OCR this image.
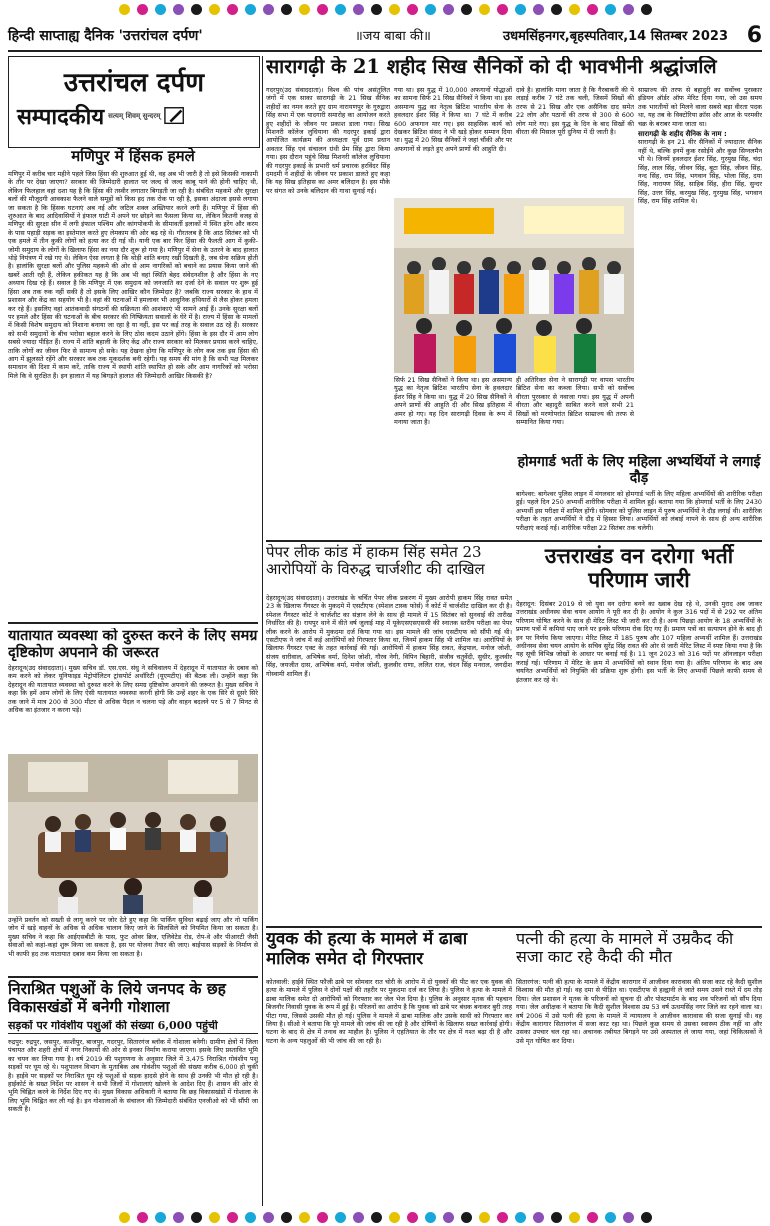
हिन्दी साप्ताह्य दैनिक 'उत्तरांचल दर्पण'	॥जय बाबा की॥	उधमसिंहनगर,बृहस्पतिवार,14 सितम्बर 2023 6
उत्तरांचल दर्पण
सम्पादकीय सत्यम् शिवम् सुन्दरम्
मणिपुर में हिंसक हमले
मणिपुर में करीब चार महीने पहले जिस हिंसा की शुरुआत हुई थी, वह अब भी जारी है तो इसे किसकी नाकामी के तौर पर देखा जाएगा? सरकार की जिम्मेदारी हालात पर जल्द से जल्द काबू पाने की होनी चाहिए थी, लेकिन फिलहाल वहां दशा यह है कि हिंसा की तस्वीर लगातार बिगड़ती जा रही है। संबंधित महकमे और सुरक्षा बलों की मौजूदगी आवकाश फैलने वाले समूहों को किस हद तक रोक पा रही है, इसका अंदाजा इससे लगाया जा सकता है कि हिंसक घटनाएं अब नई और जटिल शक्ल अख्तियार करने लगी हैं। मणिपुर में हिंसा की शुरुआत के बाद आदिवासियों ने इंफाल घाटी में अपने घर छोड़ने का फैसला किया था, लेकिन कितनी वजह से मणिपुर की सुरक्षा सीन में लगी इंफाल पश्चिम और कांगपोकपी के सीमावर्ती इलाकों में स्थित इरेंग और करम के पास पहाड़ी सड़क का इस्तेमाल करते हुए लेमकाम की ओर बढ़ रहे थे। गौरतलब है कि आठ सितंबर को भी एक हमले में तीन कुकी लोगों को हत्या कर दी गई थी। यानी एक बार फिर हिंसा की फैलती आग में कुकी-जोमी समुदाय के लोगों के खिलाफ हिंसा का नया दौर शुरू हो गया है। मणिपुर में सेना के उतरने के बाद हालात थोड़े नियंत्रण में रखे गए थे। लेकिन ऐसा लगता है कि थोड़ी शांति बनाए रखी दिखती है, जब सेना सक्रिय होती है। हालांकि सुरक्षा बलों और पुलिस महकमे की ओर से आम नागरिकों को बचाने का प्रयास किया जाने की खबरें आती रही हैं, लेकिन हकीकत यह है कि अब भी वहां स्थिति बेहद संवेदनशील है और हिंसा के नए अध्याय दिख रहे हैं। सवाल है कि मणिपुर में एक समुदाय को जनजाति का दर्जा देने के सवाल पर शुरू हुई हिंसा अब तक रुक नहीं सकी है तो इसके लिए आखिर कौन जिम्मेदार है? जबकि राज्य सरकार के हाथ में प्रशासन और केंद्र का सहयोग भी है। वहां की घटनाओं में हमलावर भी आधुनिक हथियारों से लैस होकर हमला कर रहे हैं। इसलिए वहां आतंकवादी संगठनों की सक्रियता की आशंकाएं भी सामने आई हैं। उनके सुरक्षा बलों पर हमले और हिंसा की घटनाओं के बीच सरकार की निष्क्रियता सवालों के घेरे में है। राज्य में हिंसा के मामलों में किसी विशेष समुदाय को निशाना बनाया जा रहा है या नहीं, इस पर कई तरह के सवाल उठ रहे हैं। सरकार को सभी समुदायों के बीच भरोसा बहाल करने के लिए ठोस कदम उठाने होंगे। हिंसा के इस दौर में आम लोग सबसे ज्यादा पीड़ित हैं। राज्य में शांति बहाली के लिए केंद्र और राज्य सरकार को मिलकर प्रयास करने चाहिए, ताकि लोगों का जीवन फिर से सामान्य हो सके। यह देखना होगा कि मणिपुर के लोग कब तक इस हिंसा की आग में झुलसते रहेंगे और सरकार कब तक मूकदर्शक बनी रहेगी। यह समय की मांग है कि सभी पक्ष मिलकर समाधान की दिशा में काम करें, ताकि राज्य में स्थायी शांति स्थापित हो सके और आम नागरिकों को भरोसा मिले कि वे सुरक्षित हैं। इन हालात में यह बिगड़ते हालात की जिम्मेदारी आखिर किसकी है?
यातायात व्यवस्था को दुरुस्त करने के लिए समग्र दृष्टिकोण अपनाने की जरूरत
देहरादून(उद संवाददाता)। मुख्य सचिव डॉ. एस.एस. संधु ने सचिवालय में देहरादून में यातायात के दबाव को कम करने को लेकर यूनिफाइड मेट्रोपॉलिटन ट्रांसपोर्ट अथॉरिटी (यूएमटीए) की बैठक ली। उन्होंने कहा कि देहरादून की यातायात व्यवस्था को दुरुस्त करने के लिए समग्र दृष्टिकोण अपनाने की जरूरत है। मुख्य सचिव ने कहा कि हमें आम लोगों के लिए ऐसी यातायात व्यवस्था करनी होगी कि उन्हें शहर के एक सिरे से दूसरे सिरे तक जाने में मात्र 200 से 300 मीटर से अधिक पैदल न चलना पड़े और वाहन बदलने पर 5 से 7 मिनट से अधिक का इंतजार न करना पड़े।
उन्होंने प्रवर्तन को सख्ती से लागू करने पर जोर देते हुए कहा कि पार्किंग सुविधा बढ़ाई जाए और नो पार्किंग जोन में खड़े वाहनों के अधिक से अधिक चालान किए जाने के सिलसिले को नियमित किया जा सकता है। मुख्य सचिव ने कहा कि आईएसबीटी के पास, फुट ओवर ब्रिज, एलिवेटेड रोड, रोप-वे और पीआरटी जैसी सेवाओं को कहां-कहां शुरू किया जा सकता है, इस पर योजना तैयार की जाए। बाईपास सड़कों के निर्माण से भी काफी हद तक यातायात दबाव कम किया जा सकता है।
निराश्रित पशुओं के लिये जनपद के छह विकासखंडों में बनेगी गोशाला
सड़कों पर गोवंशीय पशुओं की संख्या 6,000 पहुंची
रुद्रपुर: रुद्रपुर, जसपुर, काशीपुर, बाजपुर, गदरपुर, सितारगंज ब्लॉक में गोशाला बनेगी। ग्रामीण क्षेत्रों में जिला पंचायत और शहरी क्षेत्रों में नगर निकायों की ओर से इनका निर्माण कराया जाएगा। इसके लिए प्रस्तावित भूमि का चयन कर लिया गया है। वर्ष 2019 की पशुगणना के अनुसार जिले में 3,475 निराश्रित गोवंशीय पशु सड़कों पर घूम रहे थे। पशुपालन विभाग के मुताबिक अब गोवंशीय पशुओं की संख्या करीब 6,000 हो चुकी है। हाईवे पर सड़कों पर निराश्रित घूम रहे पशुओं से सड़क हादसे होने के साथ ही उनकी भी मौत हो रही है। हाईकोर्ट के सख्त निर्देश पर शासन ने सभी जिलों में गोशालाएं खोलने के आदेश दिए हैं। शासन की ओर से भूमि चिह्नित करने के निर्देश दिए गए थे। मुख्य विकास अधिकारी ने बताया कि छह विकासखंडों में गोशाला के लिए भूमि चिह्नित कर ली गई है। इन गोशालाओं के संचालन की जिम्मेदारी संबंधित एनजीओ को भी सौंपी जा सकती है।
सारागढ़ी के 21 शहीद सिख सैनिकों को दी भावभीनी श्रद्धांजलि
गदरपुर(उद संवाददाता)। विश्व की पांच असंतुलित जंगों में एक साका सारागढ़ी के 21 सिख सैनिक शहीदों का नमन करते हुए ग्राम नारायणपुर के गुरुद्वारा सिंह सभा में एक यादगारी समारोह का आयोजन करते हुए शहीदों के जीवन पर प्रकाश डाला गया। सिख मिशनरी कॉलेज लुधियाना की गदरपुर इकाई द्वारा आयोजित कार्यक्रम की अध्यक्षता पूर्व ग्राम प्रधान अवतार सिंह एवं संचालन ग्रंथी प्रेम सिंह द्वारा किया गया। इस दौरान पहुंचे सिख मिशनरी कॉलेज लुधियाना की गदरपुर इकाई के प्रभारी धर्म प्रचारक हरविंदर सिंह दमदमी ने शहीदों के जीवन पर प्रकाश डालते हुए कहा कि यह सिख इतिहास का अमर बलिदान है। इस मौके पर संगत को उनके बलिदान की गाथा सुनाई गई।
गया था। इस युद्ध में 10,000 अफगानों योद्धाओं का सामना सिर्फ 21 सिख सैनिकों ने किया था। इस असमान्य युद्ध का नेतृत्व ब्रिटिश भारतीय सेना के हवलदार ईशर सिंह ने किया था। 7 घंटे में करीब 600 अफगान मार गए। इस साहसिक कार्य को देखकर ब्रिटिश संसद ने भी खड़े होकर सम्मान दिया था। युद्ध में 20 सिख सैनिकों ने जहां चौंकी और पर अफगानों से लड़ते हुए अपने प्राणों की आहुति दी।
दावे है। हालांकि माना जाता है कि गैरबाकरी की ये लड़ाई करीब 7 घंटे तक चली, जिसमें सिखों की तरफ से 21 सिख और एक असैनिक दाद समेत 22 लोग और पठानों की तरफ से 300 से 600 लोग मारे गए। इस युद्ध के दिन के बाद सिखों की वीरता की मिसाल पूरी दुनिया में दी जाती है।

साम्राज्य की तरफ से बहादुरी का सर्वोच्च पुरस्कार इंडियन ऑर्डर ऑफ मेरिट दिया गया, जो उस समय तक भारतीयों को मिलने वाला सबसे बड़ा वीरता पदक था, यह तब के विक्टोरिया क्रॉस और आज के परमवीर चक्र के बराबर माना जाता था।

सारागढ़ी के शहीद सैनिक के नाम :

सारागढ़ी के इन 21 वीर सैनिकों में ज्यादातर सैनिक नहीं थे, बल्कि इनमें कुक रसोईये और कुछ सिग्नलमैन भी थे। जिनमें हवलदार ईशर सिंह, गुरमुख सिंह, चंदा सिंह, लाल सिंह, जीवन सिंह, बूटा सिंह, जीवन सिंह, नन्द सिंह, राम सिंह, भगवान सिंह, भोला सिंह, दया सिंह, नारायण सिंह, साहिब सिंह, हीरा सिंह, सुन्दर सिंह, उत्तर सिंह, करमुख सिंह, गुरमुख सिंह, भगवान सिंह, राम सिंह शामिल थे।

सिर्फ 21 सिख सैनिकों ने किया था। इस असमान्य युद्ध का नेतृत्व ब्रिटिश भारतीय सेना के हवलदार ईशर सिंह ने किया था। युद्ध में 20 सिख सैनिकों ने अपने प्राणों की आहुति दी और सिख इतिहास में अमर हो गए। यह दिन सारागढ़ी दिवस के रूप में मनाया जाता है।
ही अतिरिक्त सेना ने सारागढ़ी पर वापस भारतीय ब्रिटिश सेना का कब्जा लिया। सभी को सर्वोच्च वीरता पुरस्कार से नवाजा गया। इस युद्ध में अपनी वीरता और बहादुरी साबित करने वाले सभी 21 सिखों को मरणोपरांत ब्रिटिश साम्राज्य की तरफ से सम्मानित किया गया।
होमगार्ड भर्ती के लिए महिला अभ्यर्थियों ने लगाई दौड़
बागेश्वर: बागेश्वर पुलिस लाइन में मंगलवार को होमगार्ड भर्ती के लिए महिला अभ्यर्थियों की शारीरिक परीक्षा हुई। पहले दिन 250 अभ्यर्थी शारीरिक परीक्षा में शामिल हुईं। बताया गया कि होमगार्ड भर्ती के लिए 2430 अभ्यर्थी इस परीक्षा में शामिल होंगी। सोमवार को पुलिस लाइन में पुरुष अभ्यर्थियों ने दौड़ लगाई थी। शारीरिक परीक्षा के तहत अभ्यर्थियों ने दौड़ में हिस्सा लिया। अभ्यर्थियों को लंबाई नापने के साथ ही अन्य शारीरिक परीक्षाएं कराई गईं। शारीरिक परीक्षा 22 सितंबर तक चलेगी।
पेपर लीक कांड में हाकम सिंह समेत 23 आरोपियों के विरुद्ध चार्जशीट की दाखिल
देहरादून(उद संवाददाता)। उत्तराखंड के चर्चित पेपर लीक प्रकरण में मुख्य आरोपी हाकम सिंह रावत समेत 23 के खिलाफ गैंगस्टर के मुकदमे में एसटीएफ (स्पेशल टास्क फोर्स) ने कोर्ट में चार्जशीट दाखिल कर दी है। स्पेशल गैंगस्टर कोर्ट ने चार्जशीट का संज्ञान लेने के साथ ही मामले में 15 सितंबर को सुनवाई की तारीख निर्धारित की है। रायपुर थाने में वीते वर्ष जुलाई माह में यूकेएसएसएससी की स्नातक स्तरीय परीक्षा का पेपर लीक करने के आरोप में मुकदमा दर्ज किया गया था। इस मामले की जांच एसटीएफ को सौंपी गई थी। एसटीएफ ने जांच में कई आरोपियों को गिरफ्तार किया था, जिनमें हाकम सिंह भी शामिल था। आरोपियों के खिलाफ गैंगस्टर एक्ट के तहत कार्रवाई की गई। आरोपियों में हाकम सिंह रावत, केंद्रपाल, मनोज जोशी, संजय धारीवाल, अभिषेक वर्मा, दिनेश जोशी, गौरव नेगी, विपिन बिहारी, संजीव चतुर्वेदी, सुधीर, कुलवीर सिंह, जयजीत दास, अभिषेक वर्मा, मनोज जोशी, कुलवीर राणा, ललित राज, चंदन सिंह मनराल, जगदीश गोस्वामी शामिल हैं।
उत्तराखंड वन दरोगा भर्ती परिणाम जारी
देहरादून: दिसंबर 2019 से जो युवा वन दरोगा बनने का ख्वाब देख रहे थे, उनकी मुराद अब जाकर उत्तराखंड अधीनस्थ सेवा चयन आयोग ने पूरी कर दी है। आयोग ने कुल 316 पदों में से 292 पर अंतिम परिणाम घोषित करने के साथ ही मेरिट लिस्ट भी जारी कर दी है। अन्य पिछड़ा आयोग के 18 अभ्यर्थियों के प्रमाण पत्रों में कमियां पाए जाने पर इनके परिणाम रोक दिए गए हैं। प्रमाण पत्रों का सत्यापन होने के बाद ही इन पर निर्णय किया जाएगा। मेरिट लिस्ट में 185 पुरुष और 107 महिला अभ्यर्थी शामिल हैं। उत्तराखंड अधीनस्थ सेवा चयन आयोग के सचिव सुरेंद्र सिंह रावत की ओर से जारी मेरिट लिस्ट में स्पष्ट किया गया है कि यह सूची विभिन्न जोखों के आधार पर बनाई गई है। 11 जून 2023 को 316 पदों पर ऑनलाइन परीक्षा कराई गई। परिणाम में मेरिट के क्रम में अभ्यर्थियों को स्थान दिया गया है। अंतिम परिणाम के बाद अब चयनित अभ्यर्थियों को नियुक्ति की प्रक्रिया शुरू होगी। इस भर्ती के लिए अभ्यर्थी पिछले काफी समय से इंतजार कर रहे थे।
युवक की हत्या के मामले में ढाबा मालिक समेत दो गिरफ्तार
कोतवाली: हाईवे स्थित फौजी ढाबे पर सोमवार रात चोरी के आरोप में दो युवकों की पीट कर एक युवक की हत्या के मामले में पुलिस ने दोनों पक्षों की तहरीर पर मुकदमा दर्ज कर लिया है। पुलिस ने हत्या के मामले में ढाबा मालिक समेत दो आरोपियों को गिरफ्तार कर जेल भेज दिया है। पुलिस के अनुसार मृतक की पहचान बिजनौर निवासी युवक के रूप में हुई है। परिजनों का आरोप है कि युवक को ढाबे पर बंधक बनाकर बुरी तरह पीटा गया, जिससे उसकी मौत हो गई। पुलिस ने मामले में ढाबा मालिक और उसके साथी को गिरफ्तार कर लिया है। सीओ ने बताया कि पूरे मामले की जांच की जा रही है और दोषियों के खिलाफ सख्त कार्रवाई होगी। घटना के बाद से क्षेत्र में तनाव का माहौल है। पुलिस ने एहतियात के तौर पर क्षेत्र में गश्त बढ़ा दी है और घटना के अन्य पहलुओं की भी जांच की जा रही है।
पत्नी की हत्या के मामले में उम्रकैद की सजा काट रहे कैदी की मौत
सितारगंज: पत्नी की हत्या के मामले में केंद्रीय कारागार में आजीवन कारावास की सजा काट रहे कैदी सुशील विश्वास की मौत हो गई। वह दमा से पीड़ित था। एसटीएफ से हल्द्वानी ले जाते समय उसने रास्ते में दम तोड़ दिया। जेल प्रशासन ने मृतक के परिजनों को सूचना दी और पोस्टमार्टम के बाद शव परिजनों को सौंप दिया गया। जेल अधीक्षक ने बताया कि कैदी सुशील विश्वास उम्र 53 वर्ष ऊधमसिंह नगर जिले का रहने वाला था। वर्ष 2006 में उसे पत्नी की हत्या के मामले में न्यायालय ने आजीवन कारावास की सजा सुनाई थी। वह केंद्रीय कारागार सितारगंज में सजा काट रहा था। पिछले कुछ समय से उसका स्वास्थ्य ठीक नहीं था और उसका उपचार चल रहा था। अचानक तबीयत बिगड़ने पर उसे अस्पताल ले जाया गया, जहां चिकित्सकों ने उसे मृत घोषित कर दिया।
